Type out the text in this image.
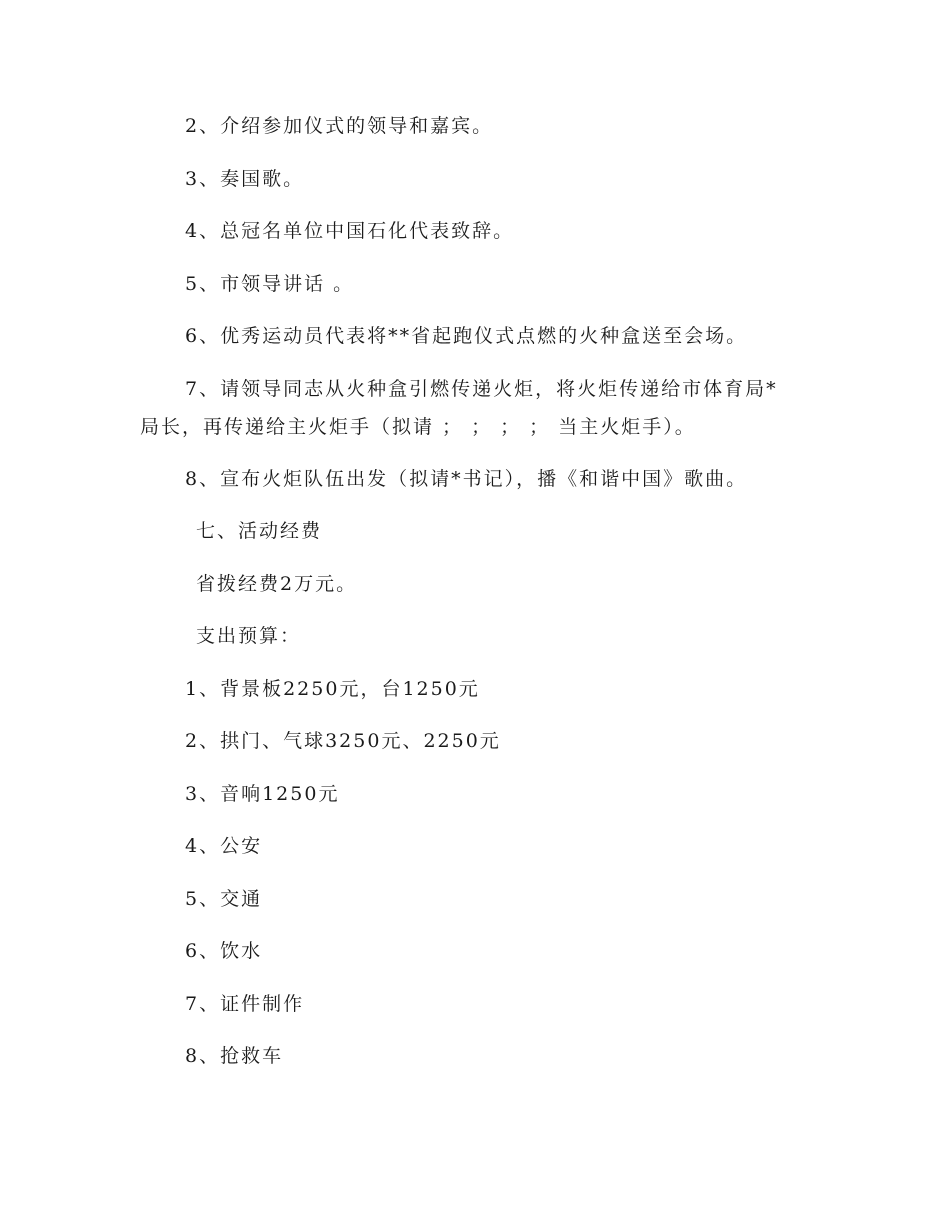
2、介绍参加仪式的领导和嘉宾。
3、奏国歌。
4、总冠名单位中国石化代表致辞。
5、市领导讲话 。
6、优秀运动员代表将**省起跑仪式点燃的火种盒送至会场。
7、请领导同志从火种盒引燃传递火炬，将火炬传递给市体育局*
局长，再传递给主火炬手（拟请 ； ； ； ； 当主火炬手）。
8、宣布火炬队伍出发（拟请*书记），播《和谐中国》歌曲。
七、活动经费
省拨经费2万元。
支出预算：
1、背景板2250元，台1250元
2、拱门、气球3250元、2250元
3、音响1250元
4、公安
5、交通
6、饮水
7、证件制作
8、抢救车
